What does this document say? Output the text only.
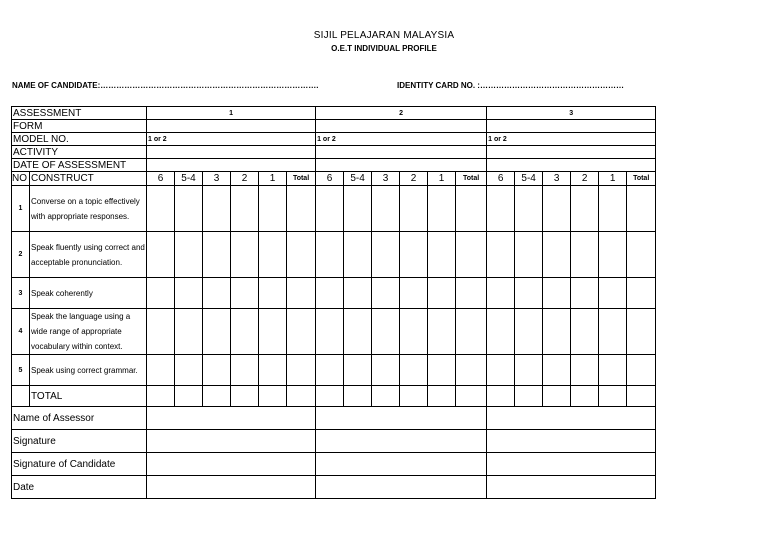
SIJIL PELAJARAN MALAYSIA
O.E.T INDIVIDUAL PROFILE
NAME OF CANDIDATE:……………………………………………………………………….	IDENTITY CARD NO. :………………………………………………
ASSESSMENT		1						2						3					
FORM																			
MODEL NO.		1 or 2						1 or 2						1 or 2					
ACTIVITY																			
DATE OF ASSESSMENT																			
NO	CONSTRUCT	6	5-4	3	2	1	Total	6	5-4	3	2	1	Total	6	5-4	3	2	1	Total
1	Converse on a topic effectively with appropriate responses.																		
2	Speak fluently using correct and acceptable pronunciation.																		
3	Speak coherently																		
4	Speak the language using a wide range of appropriate vocabulary within context.																		
5	Speak using correct grammar.																		
	TOTAL																		
Name of Assessor																			
Signature																			
Signature of Candidate																			
Date																			
